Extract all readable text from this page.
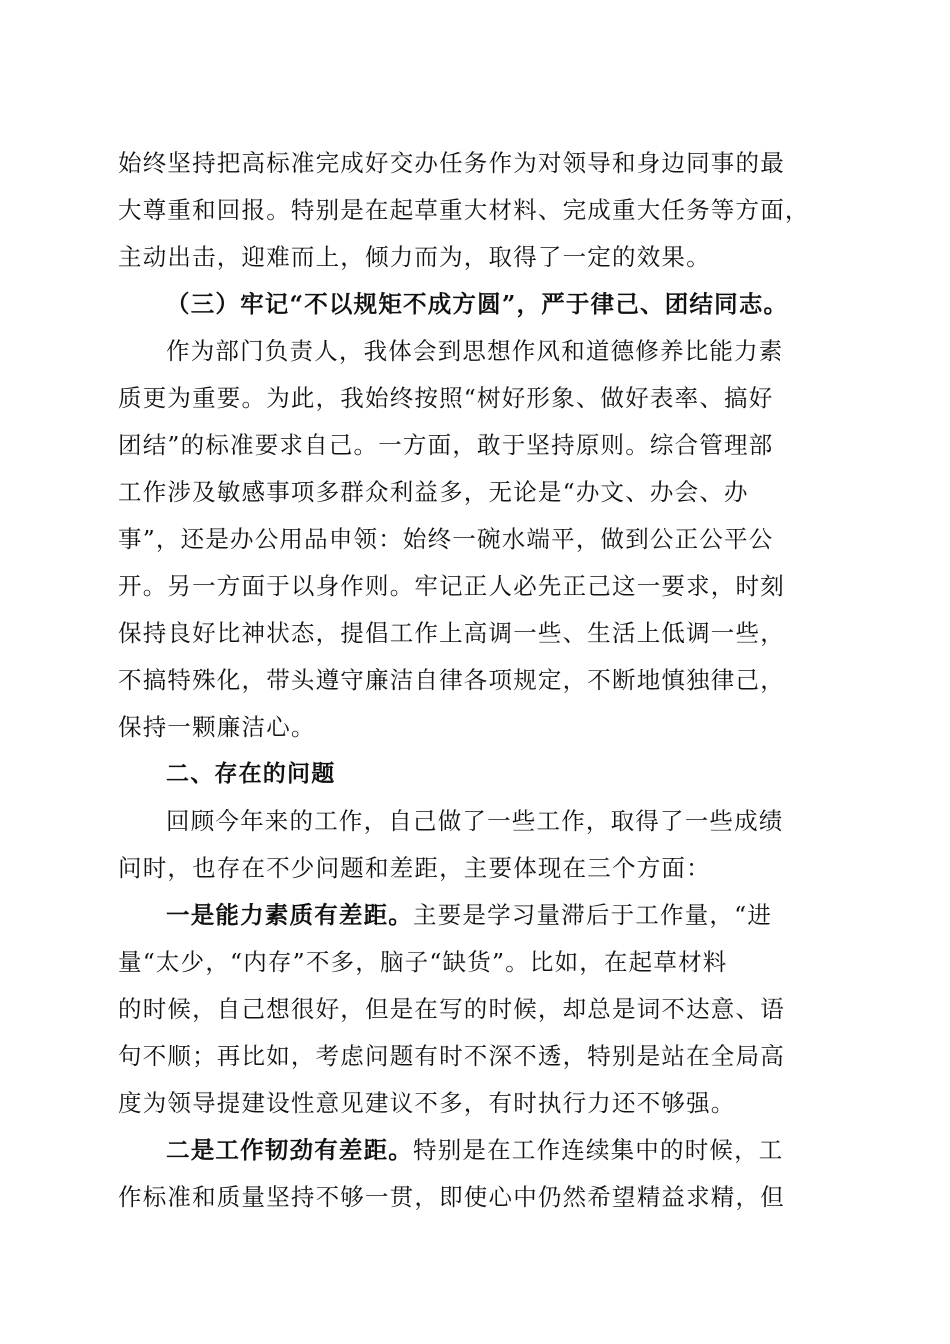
始终坚持把高标准完成好交办任务作为对领导和身边同事的最
大尊重和回报。特别是在起草重大材料、完成重大任务等方面，
主动出击，迎难而上，倾力而为，取得了一定的效果。
（三）牢记“不以规矩不成方圆”，严于律己、团结同志。
作为部门负责人，我体会到思想作风和道德修养比能力素
质更为重要。为此，我始终按照“树好形象、做好表率、搞好
团结”的标准要求自己。一方面，敢于坚持原则。综合管理部
工作涉及敏感事项多群众利益多，无论是“办文、办会、办
事”，还是办公用品申领：始终一碗水端平，做到公正公平公
开。另一方面于以身作则。牢记正人必先正己这一要求，时刻
保持良好比神状态，提倡工作上高调一些、生活上低调一些，
不搞特殊化，带头遵守廉洁自律各项规定，不断地慎独律己，
保持一颗廉洁心。
二、存在的问题
回顾今年来的工作，自己做了一些工作，取得了一些成绩
问时，也存在不少问题和差距，主要体现在三个方面：
一是能力素质有差距。主要是学习量滞后于工作量，“进
量“太少，“内存”不多，脑子“缺货”。比如，在起草材料
的时候，自己想很好，但是在写的时候，却总是词不达意、语
句不顺；再比如，考虑问题有时不深不透，特别是站在全局高
度为领导提建设性意见建议不多，有时执行力还不够强。
二是工作韧劲有差距。特别是在工作连续集中的时候，工
作标准和质量坚持不够一贯，即使心中仍然希望精益求精，但
